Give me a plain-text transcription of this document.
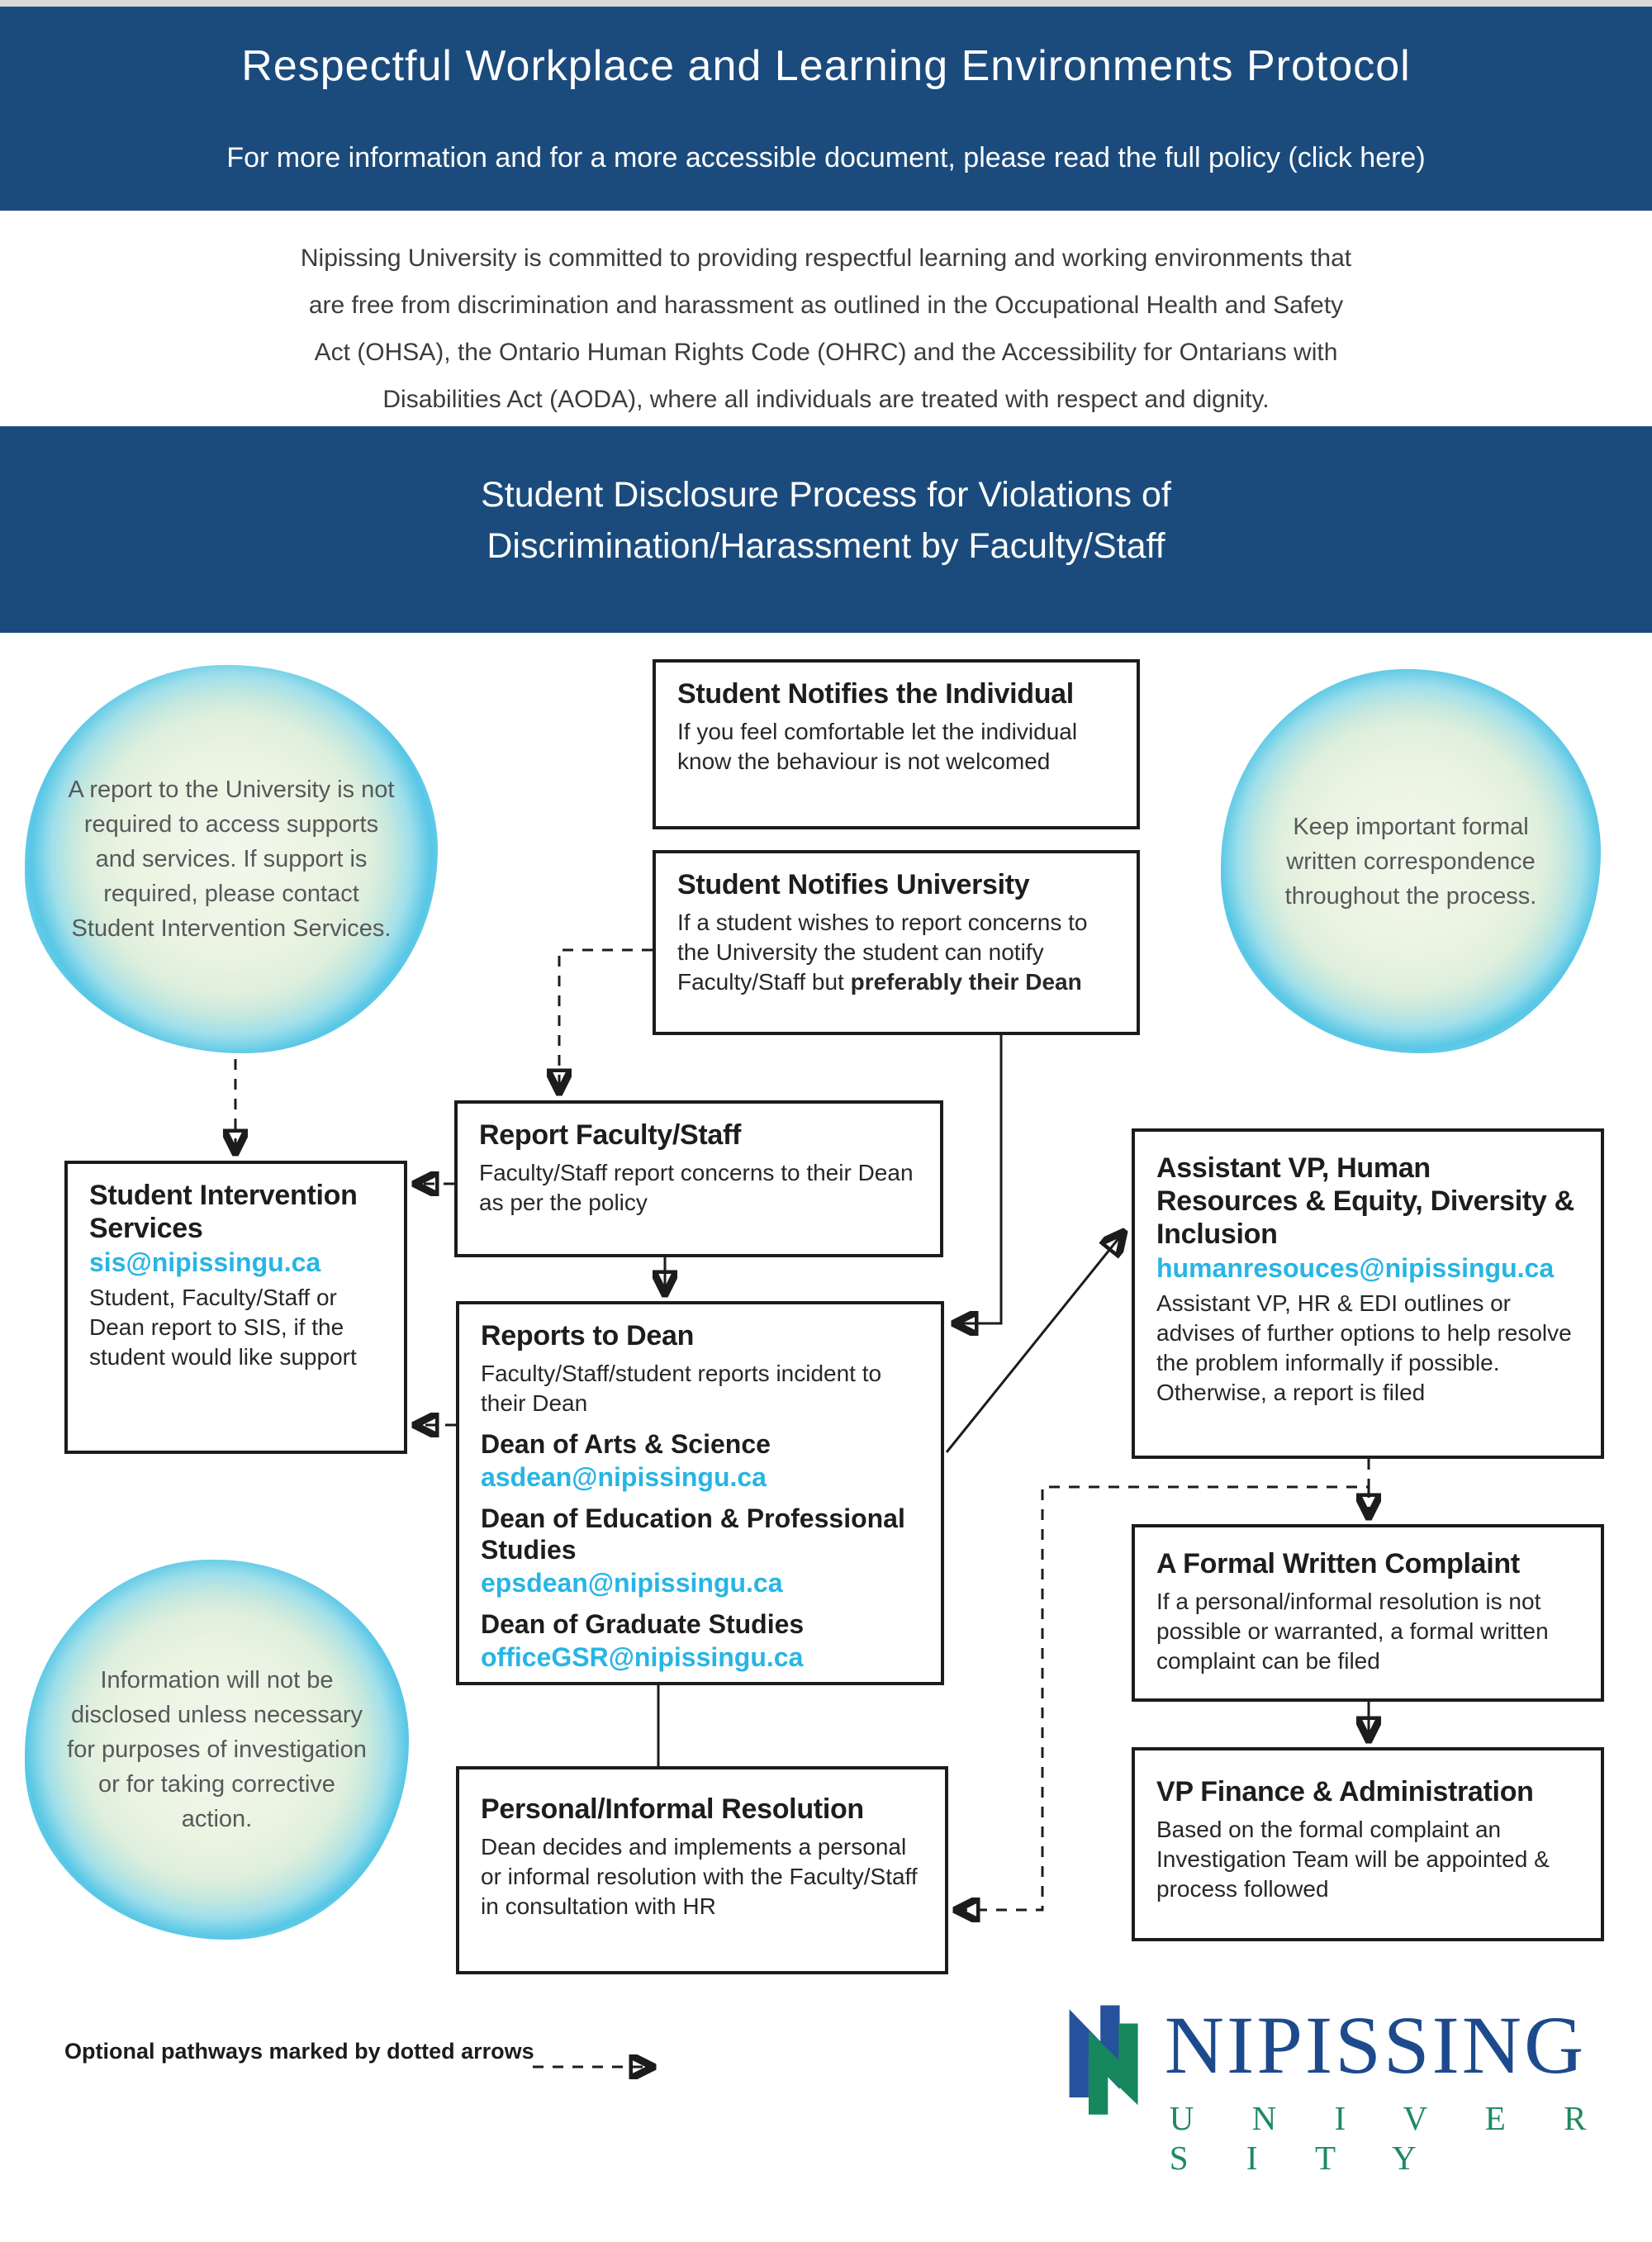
Respectful Workplace and Learning Environments Protocol
For more information and for a more accessible document, please read the full policy (click here)
Nipissing University is committed to providing respectful learning and working environments that
are free from discrimination and harassment as outlined in the Occupational Health and Safety
Act (OHSA), the Ontario Human Rights Code (OHRC) and the Accessibility for Ontarians with
Disabilities Act (AODA), where all individuals are treated with respect and dignity.
Student Disclosure Process for Violations of
Discrimination/Harassment by Faculty/Staff
A report to the University is not required to access supports and services. If support is required, please contact Student Intervention Services.
Keep important formal written correspondence throughout the process.
Information will not be disclosed unless necessary for purposes of investigation or for taking corrective action.
Student Notifies the Individual

If you feel comfortable let the individual know the behaviour is not welcomed

Student Notifies University

If a student wishes to report concerns to the University the student can notify Faculty/Staff but preferably their Dean

Report Faculty/Staff

Faculty/Staff report concerns to their Dean as per the policy

Student Intervention Services
sis@nipissingu.ca

Student, Faculty/Staff or Dean report to SIS, if the student would like support

Reports to Dean

Faculty/Staff/student reports incident to their Dean

Dean of Arts & Science
asdean@nipissingu.ca
Dean of Education & Professional Studies
epsdean@nipissingu.ca
Dean of Graduate Studies
officeGSR@nipissingu.ca
Assistant VP, Human Resources & Equity, Diversity & Inclusion
humanresouces@nipissingu.ca

Assistant VP, HR & EDI outlines or advises of further options to help resolve the problem informally if possible. Otherwise, a report is filed

A Formal Written Complaint

If a personal/informal resolution is not possible or warranted, a formal written complaint can be filed

VP Finance & Administration

Based on the formal complaint an Investigation Team will be appointed & process followed

Personal/Informal Resolution

Dean decides and implements a personal or informal resolution with the Faculty/Staff in consultation with HR

Optional pathways marked by dotted arrows	NIPISSING
U N I V E R S I T Y
